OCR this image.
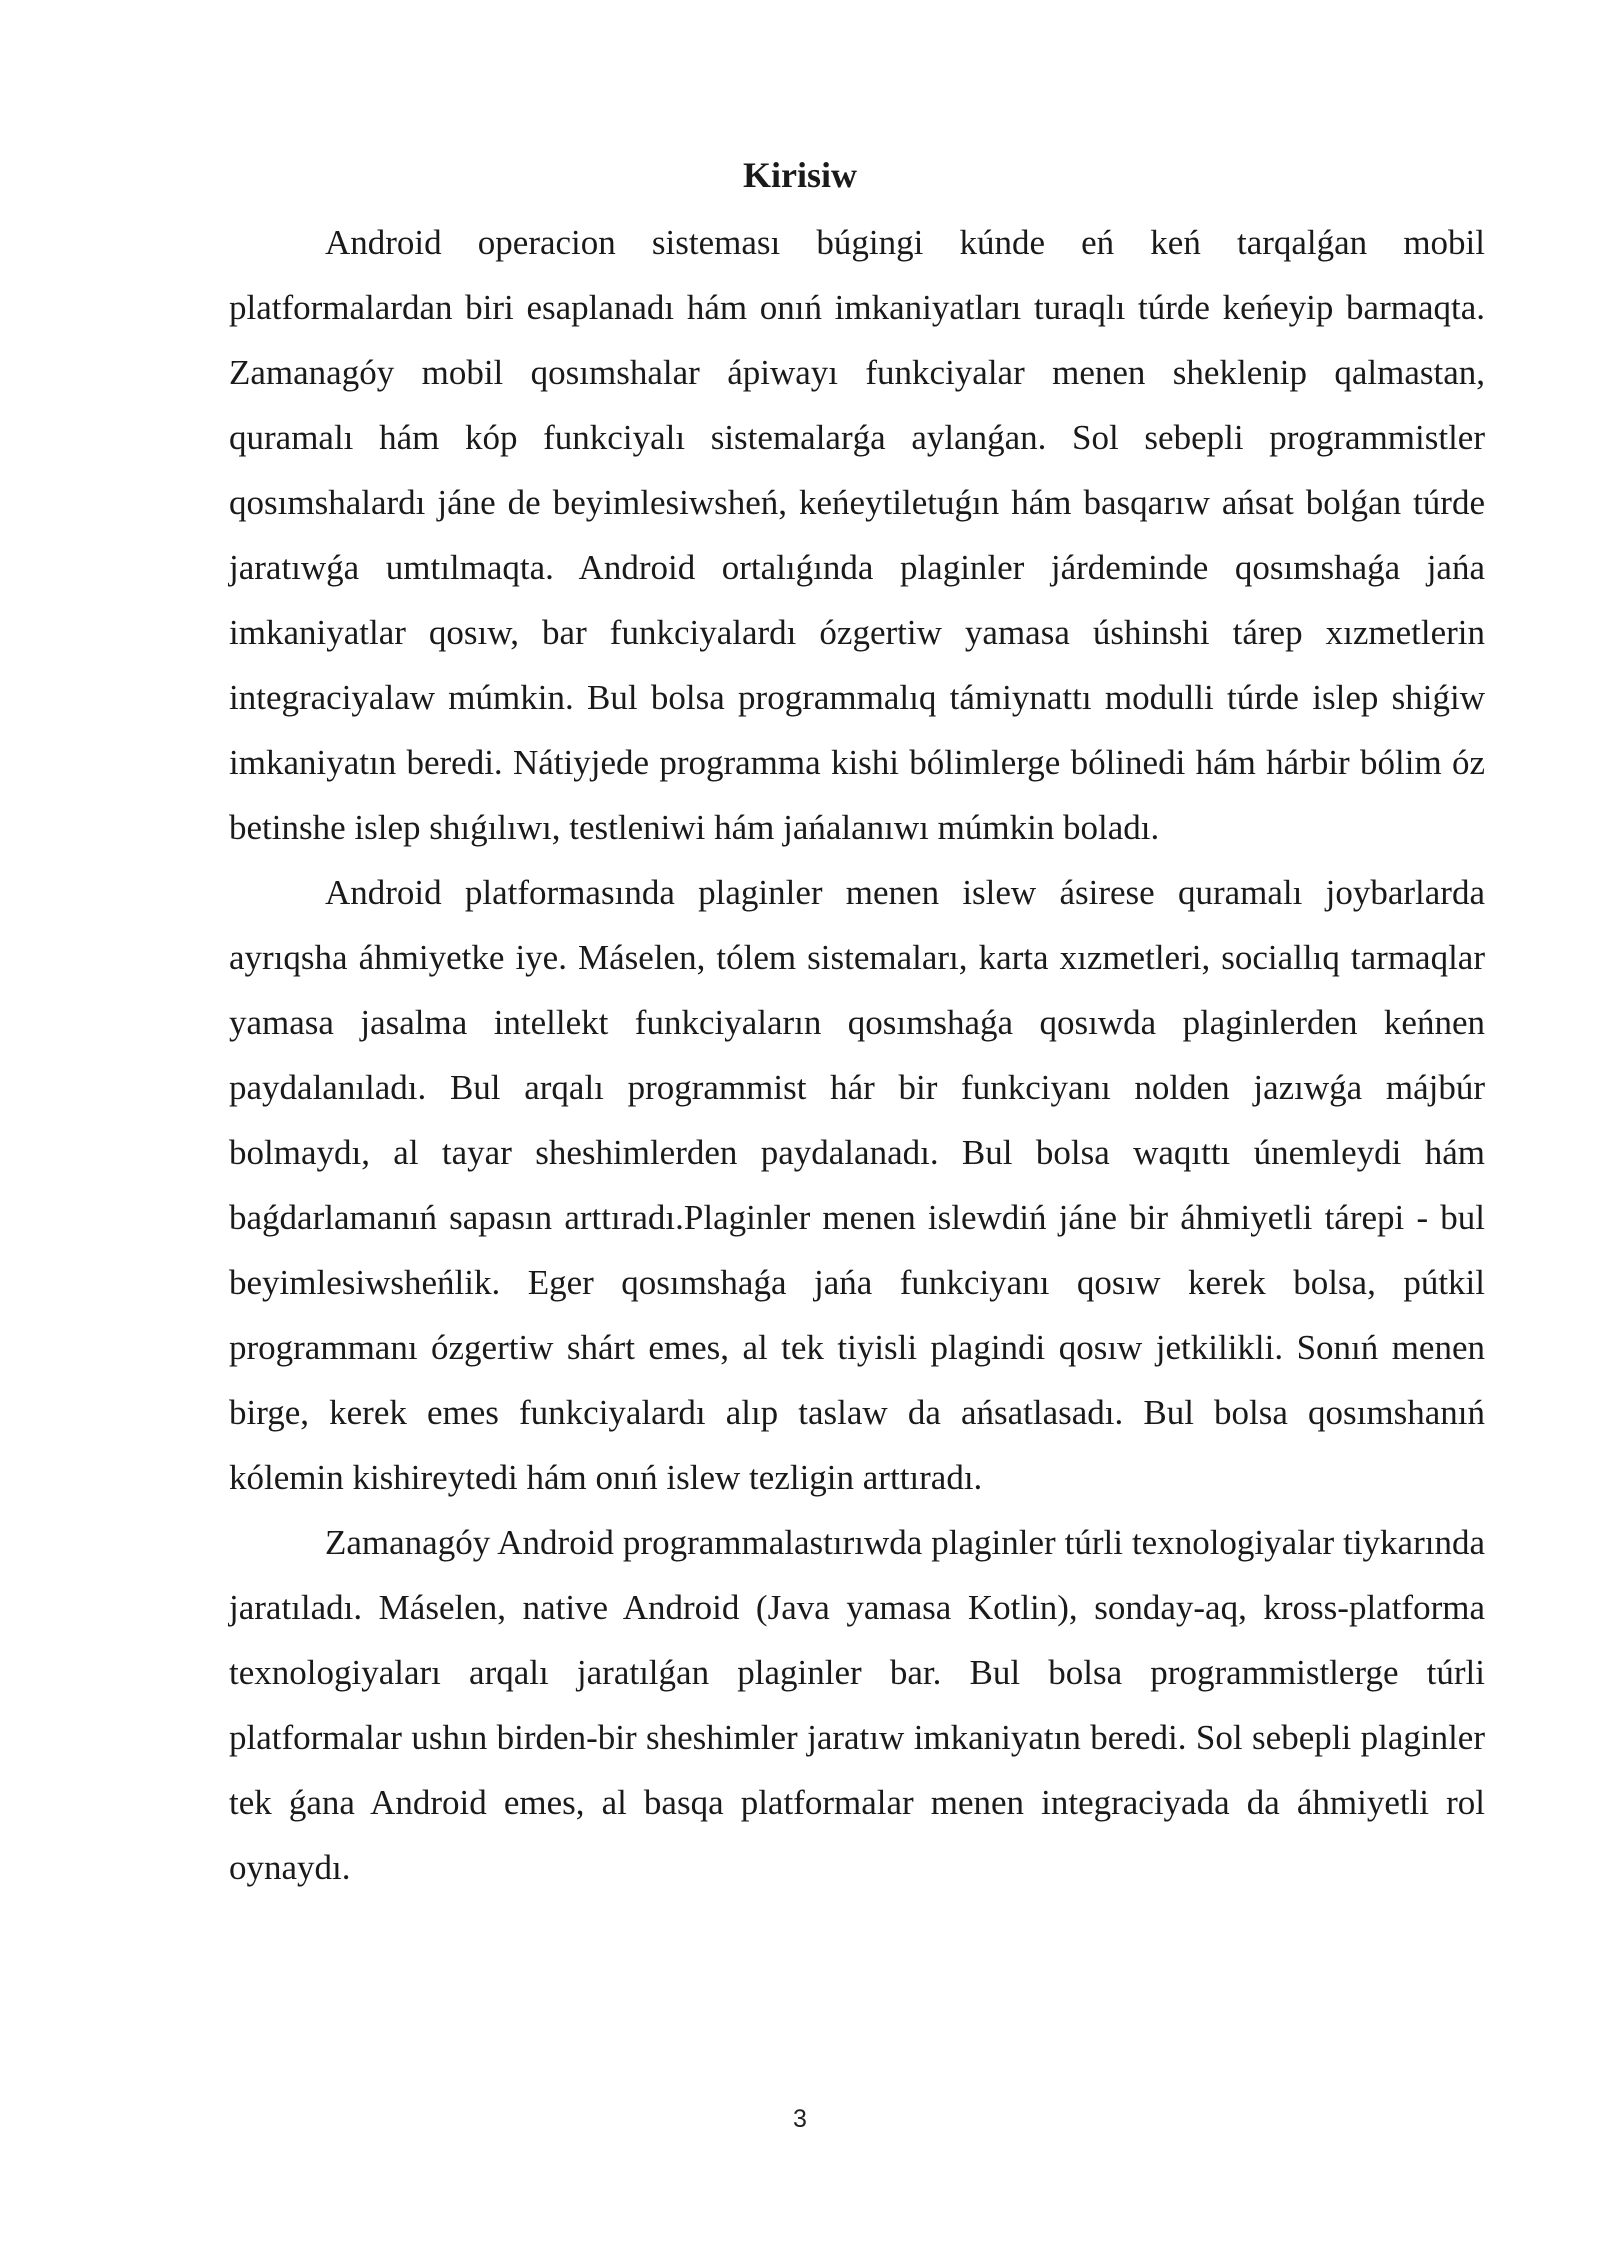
Kirisiw

Android operacion sisteması búgingi kúnde eń keń tarqalǵan mobil platformalardan biri esaplanadı hám onıń imkaniyatları turaqlı túrde keńeyip barmaqta. Zamanagóy mobil qosımshalar ápiwayı funkciyalar menen sheklenip qalmastan, quramalı hám kóp funkciyalı sistemalarǵa aylanǵan. Sol sebepli programmistler qosımshalardı jáne de beyimlesiwsheń, keńeytiletuǵın hám basqarıw ańsat bolǵan túrde jaratıwǵa umtılmaqta. Android ortalıǵında plaginler járdeminde qosımshaǵa jańa imkaniyatlar qosıw, bar funkciyalardı ózgertiw yamasa úshinshi tárep xızmetlerin integraciyalaw múmkin. Bul bolsa programmalıq támiynattı modulli túrde islep shiǵiw imkaniyatın beredi. Nátiyjede programma kishi bólimlerge bólinedi hám hárbir bólim óz betinshe islep shıǵılıwı, testleniwi hám jańalanıwı múmkin boladı.

Android platformasında plaginler menen islew ásirese quramalı joybarlarda ayrıqsha áhmiyetke iye. Máselen, tólem sistemaları, karta xızmetleri, sociallıq tarmaqlar yamasa jasalma intellekt funkciyaların qosımshaǵa qosıwda plaginlerden keńnen paydalanıladı. Bul arqalı programmist hár bir funkciyanı nolden jazıwǵa májbúr bolmaydı, al tayar sheshimlerden paydalanadı. Bul bolsa waqıttı únemleydi hám baǵdarlamanıń sapasın arttıradı.Plaginler menen islewdiń jáne bir áhmiyetli tárepi - bul beyimlesiwsheńlik. Eger qosımshaǵa jańa funkciyanı qosıw kerek bolsa, pútkil programmanı ózgertiw shárt emes, al tek tiyisli plagindi qosıw jetkilikli. Sonıń menen birge, kerek emes funkciyalardı alıp taslaw da ańsatlasadı. Bul bolsa qosımshanıń kólemin kishireytedi hám onıń islew tezligin arttıradı.

Zamanagóy Android programmalastırıwda plaginler túrli texnologiyalar tiykarında jaratıladı. Máselen, native Android (Java yamasa Kotlin), sonday-aq, kross-platforma texnologiyaları arqalı jaratılǵan plaginler bar. Bul bolsa programmistlerge túrli platformalar ushın birden-bir sheshimler jaratıw imkaniyatın beredi. Sol sebepli plaginler tek ǵana Android emes, al basqa platformalar menen integraciyada da áhmiyetli rol oynaydı.

3
